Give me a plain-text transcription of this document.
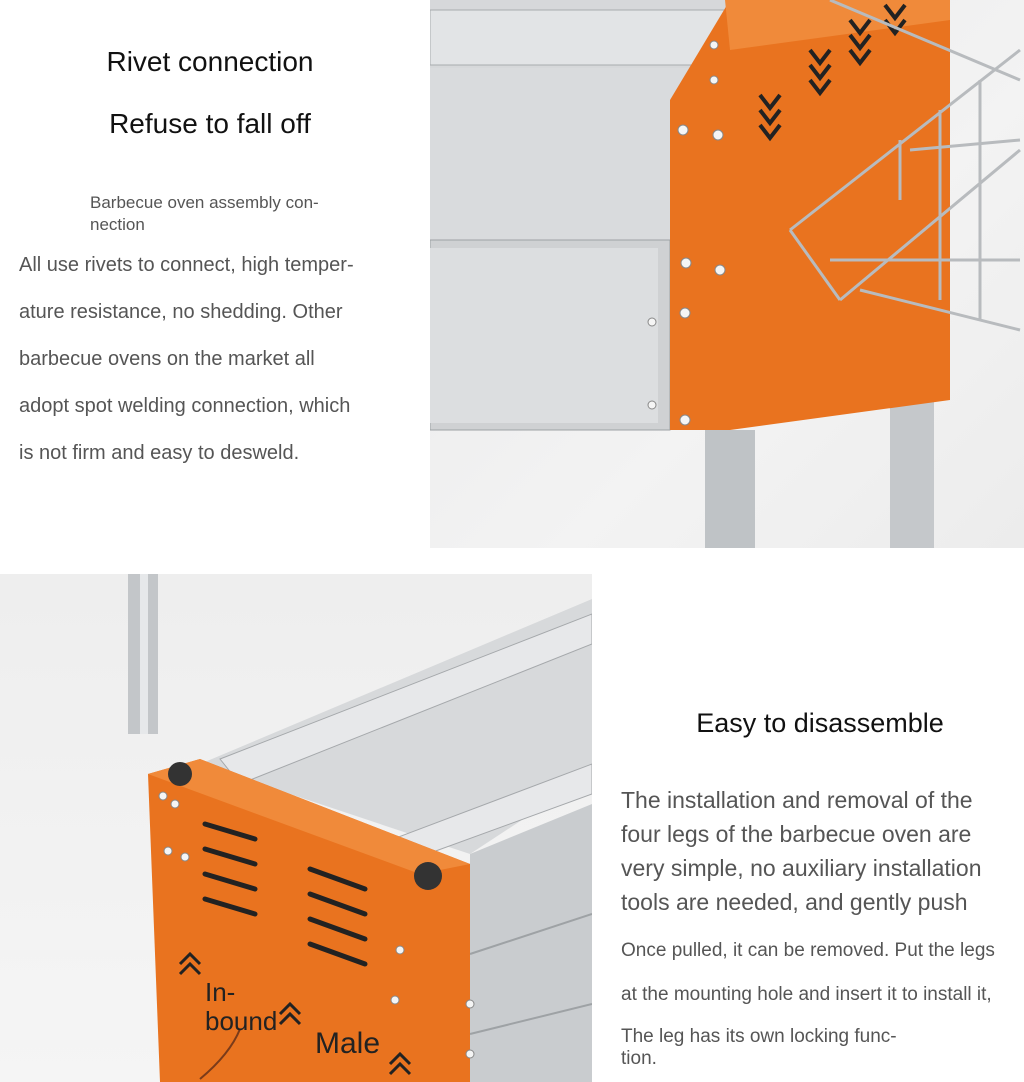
Rivet connection
Refuse to fall off
Barbecue oven assembly con-
nection
All use rivets to connect, high temper-
ature resistance, no shedding. Other
barbecue ovens on the market all
adopt spot welding connection, which
is not firm and easy to desweld.
In-
bound
Male
Easy to disassemble
The installation and removal of the
four legs of the barbecue oven are
very simple, no auxiliary installation
tools are needed, and gently push
Once pulled, it can be removed. Put the legs
at the mounting hole and insert it to install it,
The leg has its own locking func-
tion.
